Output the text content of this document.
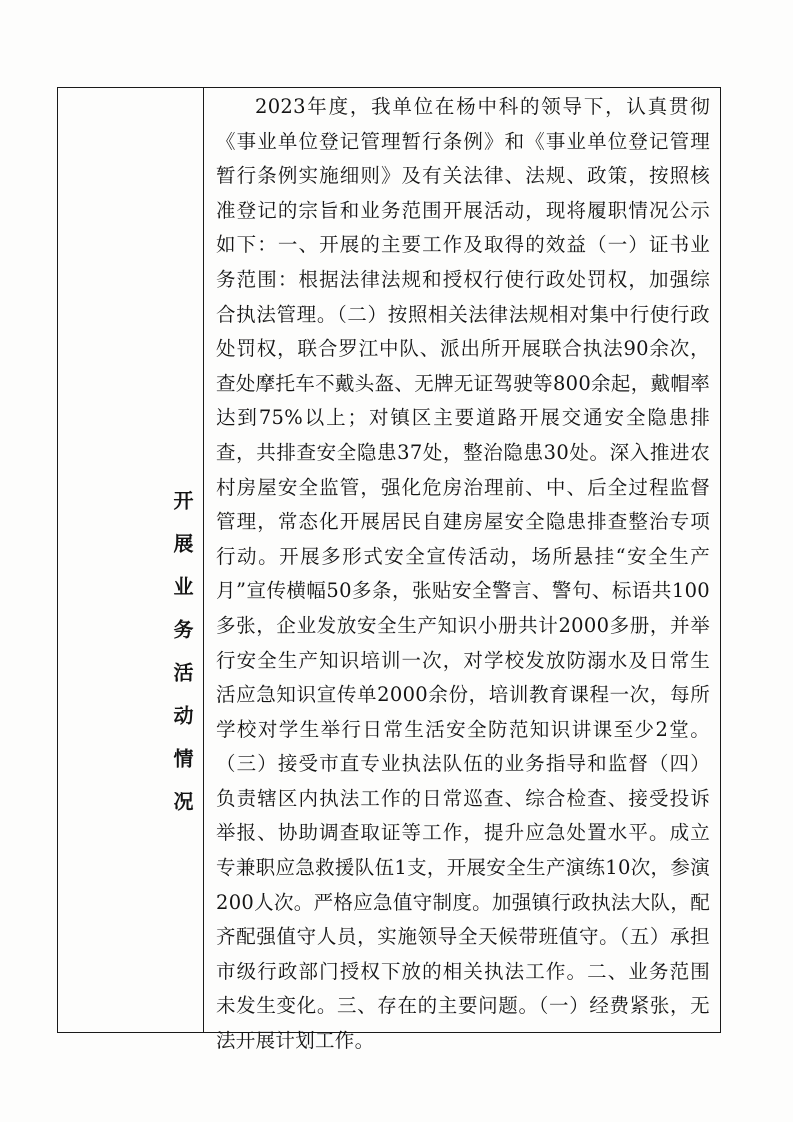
开展业务活动情况

2023年度，我单位在杨中科的领导下，认真贯彻《事业单位登记管理暂行条例》和《事业单位登记管理暂行条例实施细则》及有关法律、法规、政策，按照核准登记的宗旨和业务范围开展活动，现将履职情况公示如下：一、开展的主要工作及取得的效益（一）证书业务范围：根据法律法规和授权行使行政处罚权，加强综合执法管理。（二）按照相关法律法规相对集中行使行政处罚权，联合罗江中队、派出所开展联合执法90余次，查处摩托车不戴头盔、无牌无证驾驶等800余起，戴帽率达到75%以上；对镇区主要道路开展交通安全隐患排查，共排查安全隐患37处，整治隐患30处。深入推进农村房屋安全监管，强化危房治理前、中、后全过程监督管理，常态化开展居民自建房屋安全隐患排查整治专项行动。开展多形式安全宣传活动，场所悬挂“安全生产月”宣传横幅50多条，张贴安全警言、警句、标语共100多张，企业发放安全生产知识小册共计2000多册，并举行安全生产知识培训一次，对学校发放防溺水及日常生活应急知识宣传单2000余份，培训教育课程一次，每所学校对学生举行日常生活安全防范知识讲课至少2堂。（三）接受市直专业执法队伍的业务指导和监督（四）负责辖区内执法工作的日常巡查、综合检查、接受投诉举报、协助调查取证等工作，提升应急处置水平。成立专兼职应急救援队伍1支，开展安全生产演练10次，参演200人次。严格应急值守制度。加强镇行政执法大队，配齐配强值守人员，实施领导全天候带班值守。（五）承担市级行政部门授权下放的相关执法工作。二、业务范围未发生变化。三、存在的主要问题。（一）经费紧张，无法开展计划工作。
